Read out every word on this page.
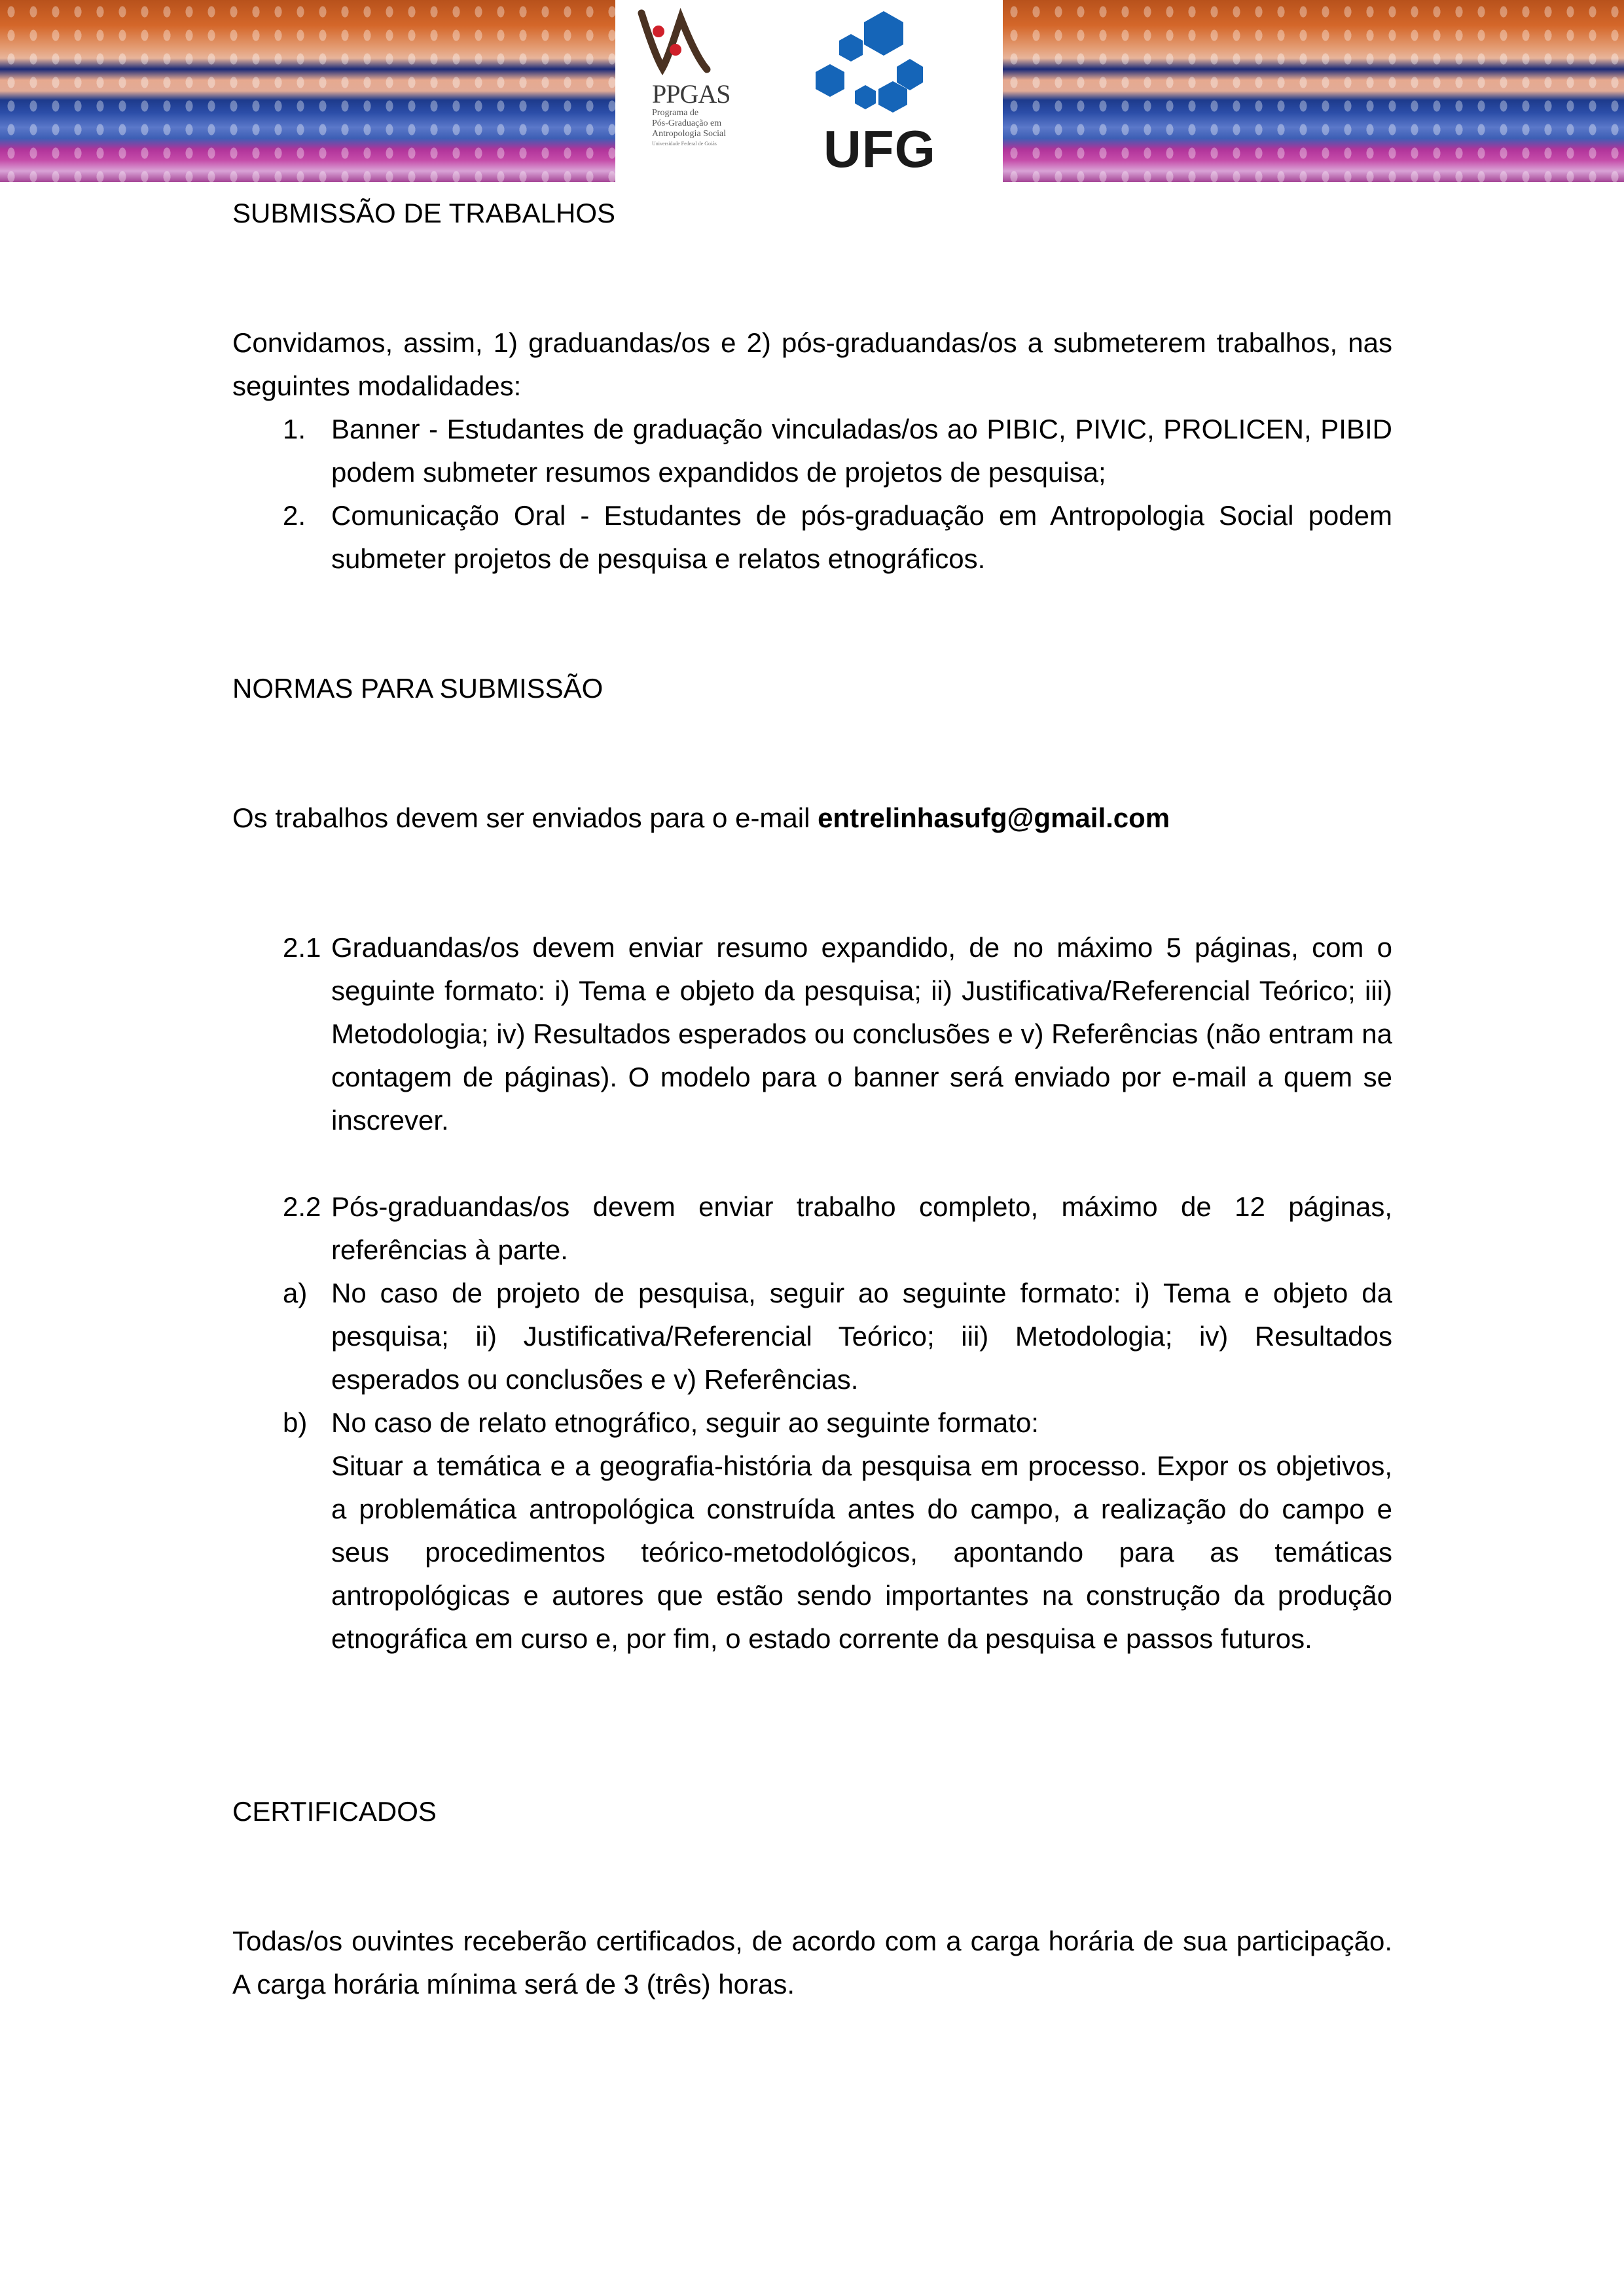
PPGAS
Programa de
Pós-Graduação em
Antropologia Social
Universidade Federal de Goiás	UFG
SUBMISSÃO DE TRABALHOS
Convidamos, assim, 1) graduandas/os e 2) pós-graduandas/os a submeterem trabalhos, nas seguintes modalidades:
1. Banner - Estudantes de graduação vinculadas/os ao PIBIC, PIVIC, PROLICEN, PIBID podem submeter resumos expandidos de projetos de pesquisa;
2. Comunicação Oral - Estudantes de pós-graduação em Antropologia Social podem submeter projetos de pesquisa e relatos etnográficos.
NORMAS PARA SUBMISSÃO
Os trabalhos devem ser enviados para o e-mail entrelinhasufg@gmail.com
2.1 Graduandas/os devem enviar resumo expandido, de no máximo 5 páginas, com o seguinte formato: i) Tema e objeto da pesquisa; ii) Justificativa/Referencial Teórico; iii) Metodologia; iv) Resultados esperados ou conclusões e v) Referências (não entram na contagem de páginas). O modelo para o banner será enviado por e-mail a quem se inscrever.
2.2 Pós-graduandas/os devem enviar trabalho completo, máximo de 12 páginas, referências à parte.
a) No caso de projeto de pesquisa, seguir ao seguinte formato: i) Tema e objeto da pesquisa; ii) Justificativa/Referencial Teórico; iii) Metodologia; iv) Resultados esperados ou conclusões e v) Referências.
b) No caso de relato etnográfico, seguir ao seguinte formato:
Situar a temática e a geografia-história da pesquisa em processo. Expor os objetivos, a problemática antropológica construída antes do campo, a realização do campo e seus procedimentos teórico-metodológicos, apontando para as temáticas antropológicas e autores que estão sendo importantes na construção da produção etnográfica em curso e, por fim, o estado corrente da pesquisa e passos futuros.
CERTIFICADOS
Todas/os ouvintes receberão certificados, de acordo com a carga horária de sua participação. A carga horária mínima será de 3 (três) horas.
